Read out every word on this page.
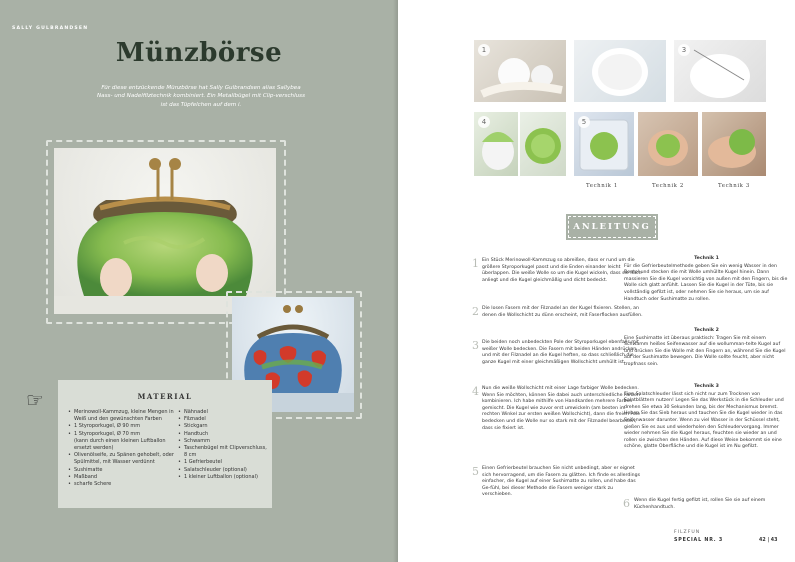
SALLY GULBRANDSEN
Münzbörse
Für diese entzückende Münzbörse hat Sally Gulbrandsen alias Sallybea Nass- und Nadelfilztechnik kombiniert. Ein Metallbügel mit Clip-verschluss ist das Tüpfelchen auf dem i.
☞	MATERIAL
• Merinowoll-Kammzug, kleine Mengen in
Weiß und den gewünschten Farben
• 1 Styroporkugel, Ø 90 mm
• 1 Styroporkugel, Ø 70 mm
(kann durch einen kleinen Luftballon
ersetzt werden)
• Olivenölseife, zu Spänen gehobelt, oder
Spülmittel, mit Wasser verdünnt
• Sushimatte
• Maßband
• scharfe Schere
• Nähnadel
• Filznadel
• Stickgarn
• Handtuch
• Schwamm
• Taschenbügel mit Clipverschluss,
8 cm
• 1 Gefrierbeutel
• Salatschleuder (optional)
• 1 kleiner Luftballon (optional)
1	3
4	5
Technik 1	Technik 2	Technik 3
ANLEITUNG
1 Ein Stück Merinowoll-Kammzug so abreißen, dass er rund um die größere Styroporkugel passt und die Enden einander leicht überlappen. Die weiße Wolle so um die Kugel wickeln, dass sie flach anliegt und die Kugel gleichmäßig und dicht bedeckt.
2 Die losen Fasern mit der Filznadel an der Kugel fixieren. Stellen, an denen die Wollschicht zu dünn erscheint, mit Faserflocken ausfüllen.
3 Die beiden noch unbedeckten Pole der Styroporkugel ebenfalls mit weißer Wolle bedecken. Die Fasern mit beiden Händen andrücken und mit der Filznadel an die Kugel heften, so dass schließlich die ganze Kugel mit einer gleichmäßigen Wollschicht umhüllt ist.
4 Nun die weiße Wollschicht mit einer Lage farbiger Wolle bedecken. Wenn Sie möchten, können Sie dabei auch unterschiedliche Farben kombinieren. Ich habe mithilfe von Handkarden mehrere Farben gemischt. Die Kugel wie zuvor erst umwickeln (am besten im rechten Winkel zur ersten weißen Wollschicht), dann die freien Pole bedecken und die Wolle nur so stark mit der Filznadel bearbeiten, dass sie fixiert ist.
5 Einen Gefrierbeutel brauchen Sie nicht unbedingt, aber er eignet sich hervorragend, um die Fasern zu glätten. Ich finde es allerdings einfacher, die Kugel auf einer Sushimatte zu rollen, und habe das Ge-fühl, bei dieser Methode die Fasern weniger stark zu verschieben.
Technik 1
Für die Gefrierbeutelmethode geben Sie ein wenig Wasser in den Beutel und stecken die mit Wolle umhüllte Kugel hinein. Dann massieren Sie die Kugel vorsichtig von außen mit den Fingern, bis die Wolle sich glatt anfühlt. Lassen Sie die Kugel in der Tüte, bis sie vollständig gefilzt ist, oder nehmen Sie sie heraus, um sie auf Handtuch oder Sushimatte zu rollen.
Technik 2
Eine Sushimatte ist überaus praktisch: Tragen Sie mit einem Schwamm heißes Seifenwasser auf die wollumman-telte Kugel auf und drücken Sie die Wolle mit den Fingern an, während Sie die Kugel auf der Sushimatte bewegen. Die Wolle sollte feucht, aber nicht tropfnass sein.
Technik 3
Eine Salatschleuder lässt sich nicht nur zum Trocknen von Salatblättern nutzen! Legen Sie das Werkstück in die Schleuder und drehen Sie etwa 30 Sekunden lang, bis der Mechanismus bremst. Heben Sie das Sieb heraus und tauchen Sie die Kugel wieder in das Seifenwasser darunter. Wenn zu viel Wasser in der Schüssel steht, gießen Sie es aus und wiederholen den Schleudervorgang. Immer wieder nehmen Sie die Kugel heraus, feuchten sie wieder an und rollen sie zwischen den Händen. Auf diese Weise bekommt sie eine schöne, glatte Oberfläche und die Kugel ist im Nu gefilzt.
6 Wenn die Kugel fertig gefilzt ist, rollen Sie sie auf einem Küchenhandtuch.
FILZFUN
SPECIAL NR. 3	42 | 43
